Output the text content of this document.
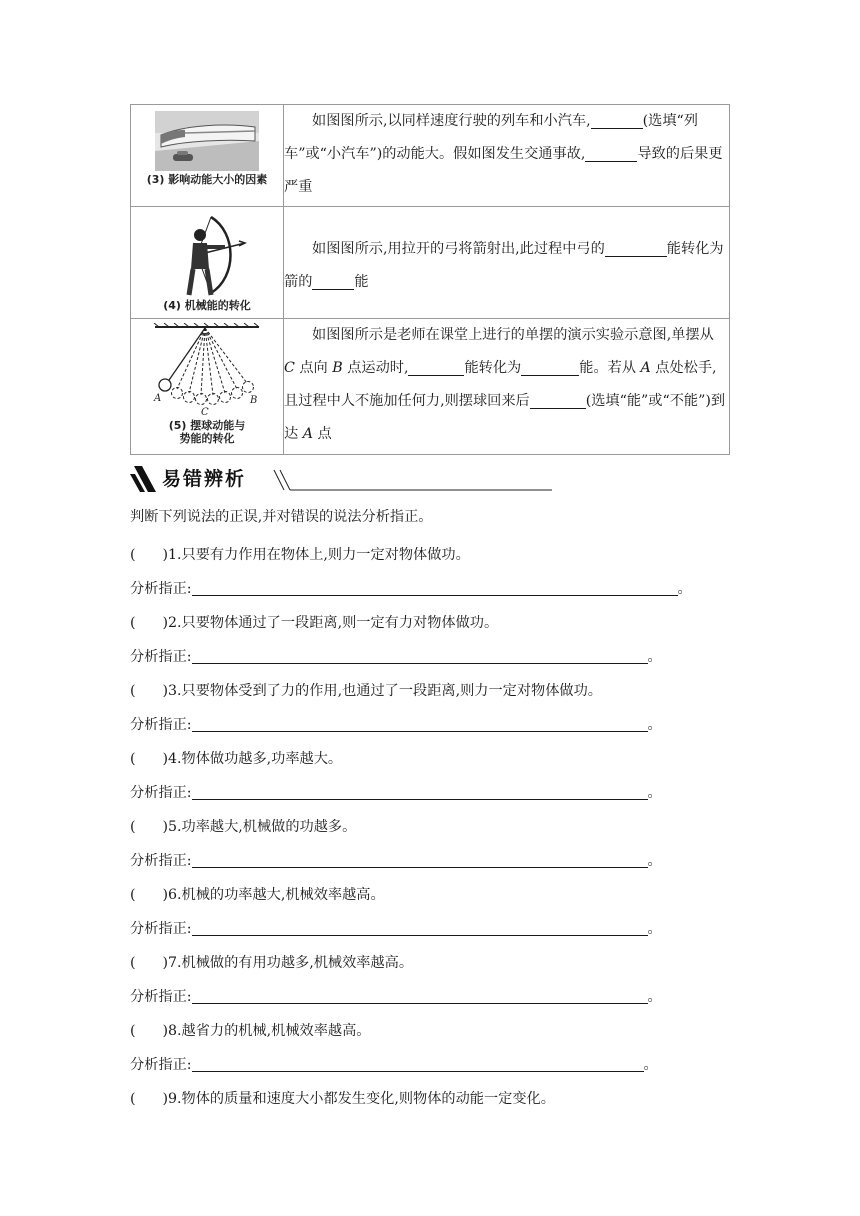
(3) 影响动能大小的因素	如图图所示,以同样速度行驶的列车和小汽车, (选填“列车”或“小汽车”)的动能大。假如图发生交通事故, 导致的后果更严重

(4) 机械能的转化	如图图所示,用拉开的弓将箭射出,此过程中弓的 能转化为箭的 能

A B
C
(5) 摆球动能与
势能的转化	如图图所示是老师在课堂上进行的单摆的演示实验示意图,单摆从 C 点向 B 点运动时, 能转化为 能。若从 A 点处松手,且过程中人不施加任何力,则摆球回来后 (选填“能”或“不能”)到达 A 点
易错辨析
判断下列说法的正误,并对错误的说法分析指正。
( ) 1.只要有力作用在物体上,则力一定对物体做功。
分析指正:	。
( ) 2.只要物体通过了一段距离,则一定有力对物体做功。
分析指正:	。
( ) 3.只要物体受到了力的作用,也通过了一段距离,则力一定对物体做功。
分析指正:	。
( ) 4.物体做功越多,功率越大。
分析指正:	。
( ) 5.功率越大,机械做的功越多。
分析指正:	。
( ) 6.机械的功率越大,机械效率越高。
分析指正:	。
( ) 7.机械做的有用功越多,机械效率越高。
分析指正:	。
( ) 8.越省力的机械,机械效率越高。
分析指正:	。
( ) 9.物体的质量和速度大小都发生变化,则物体的动能一定变化。
